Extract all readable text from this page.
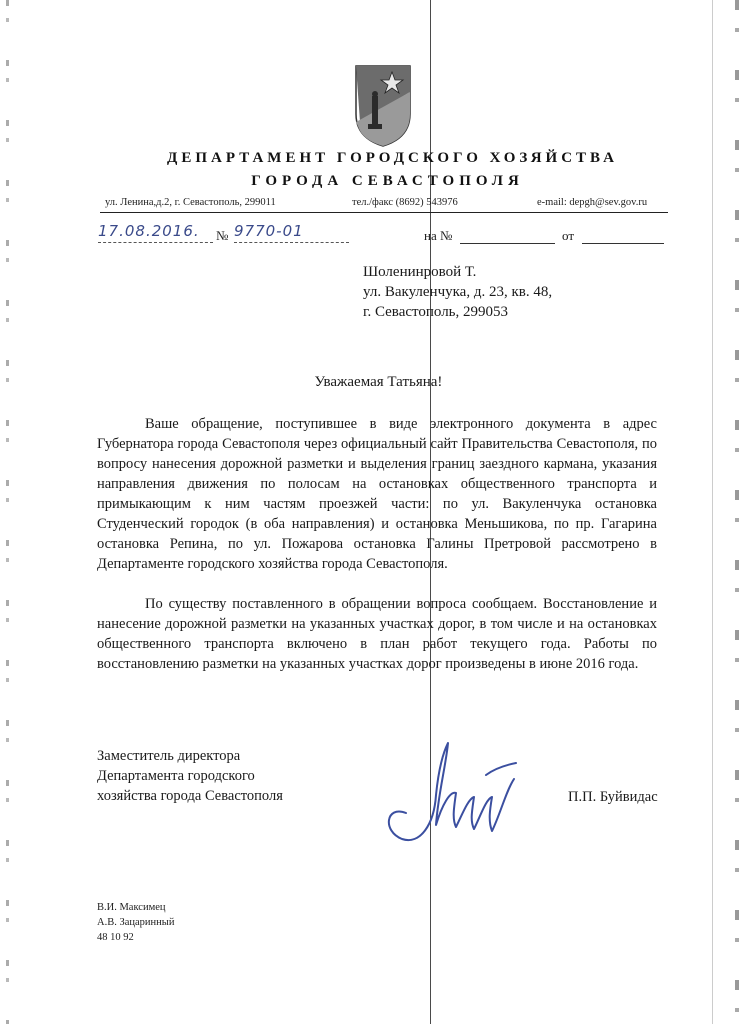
ДЕПАРТАМЕНТ ГОРОДСКОГО ХОЗЯЙСТВА
ГОРОДА СЕВАСТОПОЛЯ
ул. Ленина,д.2, г. Севастополь, 299011	тел./факс (8692) 543976	e-mail: depgh@sev.gov.ru
17.08.2016.	№ 9770-01	на №	от
Шоленинровой Т.
ул. Вакуленчука, д. 23, кв. 48,
г. Севастополь, 299053
Уважаемая Татьяна!
Ваше обращение, поступившее в виде электронного документа в адрес Губернатора города Севастополя через официальный сайт Правительства Севастополя, по вопросу нанесения дорожной разметки и выделения границ заездного кармана, указания направления движения по полосам на остановках общественного транспорта и примыкающим к ним частям проезжей части: по ул. Вакуленчука остановка Студенческий городок (в оба направления) и остановка Меньшикова, по пр. Гагарина остановка Репина, по ул. Пожарова остановка Галины Претровой рассмотрено в Департаменте городского хозяйства города Севастополя.
По существу поставленного в обращении вопроса сообщаем. Восстановление и нанесение дорожной разметки на указанных участках дорог, в том числе и на остановках общественного транспорта включено в план работ текущего года. Работы по восстановлению разметки на указанных участках дорог произведены в июне 2016 года.
Заместитель директора
Департамента городского
хозяйства города Севастополя	П.П. Буйвидас
В.И. Максимец
А.В. Зацаринный
48 10 92
